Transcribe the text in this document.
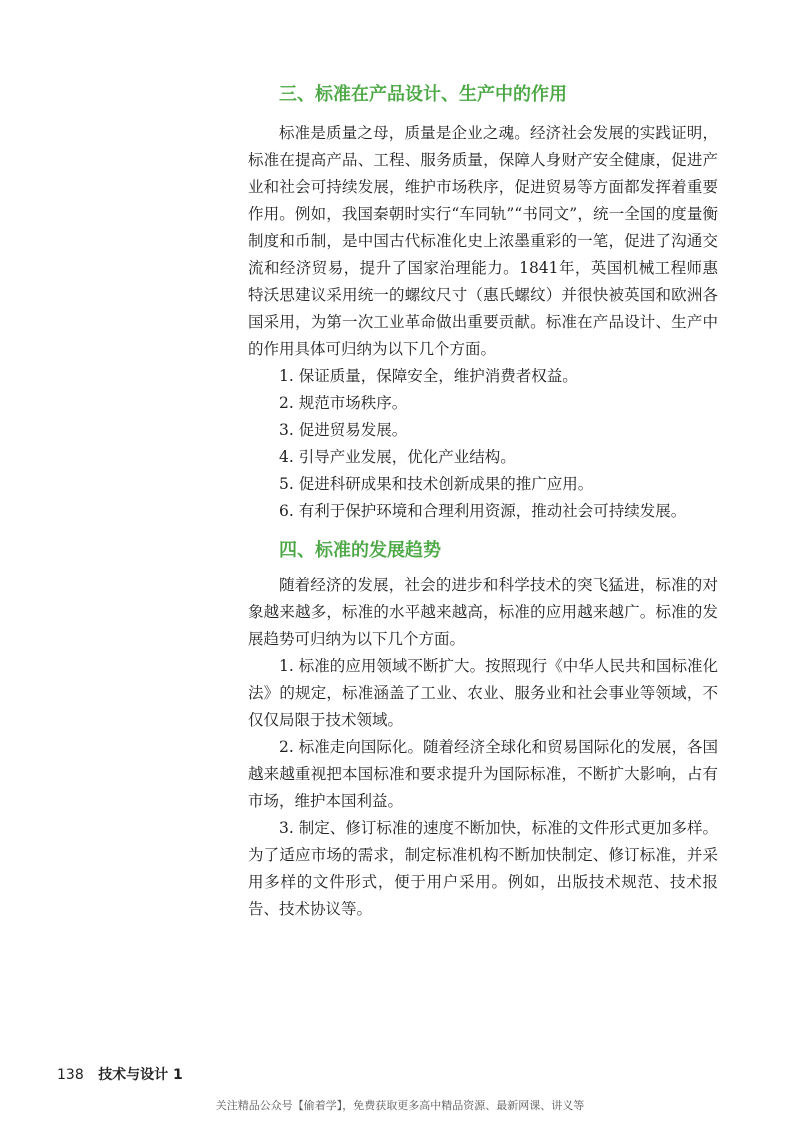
三、标准在产品设计、生产中的作用

标准是质量之母，质量是企业之魂。经济社会发展的实践证明，标准在提高产品、工程、服务质量，保障人身财产安全健康，促进产业和社会可持续发展，维护市场秩序，促进贸易等方面都发挥着重要作用。例如，我国秦朝时实行“车同轨”“书同文”，统一全国的度量衡制度和币制，是中国古代标准化史上浓墨重彩的一笔，促进了沟通交流和经济贸易，提升了国家治理能力。1841年，英国机械工程师惠特沃思建议采用统一的螺纹尺寸（惠氏螺纹）并很快被英国和欧洲各国采用，为第一次工业革命做出重要贡献。标准在产品设计、生产中的作用具体可归纳为以下几个方面。

1. 保证质量，保障安全，维护消费者权益。

2. 规范市场秩序。

3. 促进贸易发展。

4. 引导产业发展，优化产业结构。

5. 促进科研成果和技术创新成果的推广应用。

6. 有利于保护环境和合理利用资源，推动社会可持续发展。

四、标准的发展趋势

随着经济的发展，社会的进步和科学技术的突飞猛进，标准的对象越来越多，标准的水平越来越高，标准的应用越来越广。标准的发展趋势可归纳为以下几个方面。

1. 标准的应用领域不断扩大。按照现行《中华人民共和国标准化法》的规定，标准涵盖了工业、农业、服务业和社会事业等领域，不仅仅局限于技术领域。

2. 标准走向国际化。随着经济全球化和贸易国际化的发展，各国越来越重视把本国标准和要求提升为国际标准，不断扩大影响，占有市场，维护本国利益。

3. 制定、修订标准的速度不断加快，标准的文件形式更加多样。为了适应市场的需求，制定标准机构不断加快制定、修订标准，并采用多样的文件形式，便于用户采用。例如，出版技术规范、技术报告、技术协议等。

138 技术与设计 1
关注精品公众号【偷着学】，免费获取更多高中精品资源、最新网课、讲义等
